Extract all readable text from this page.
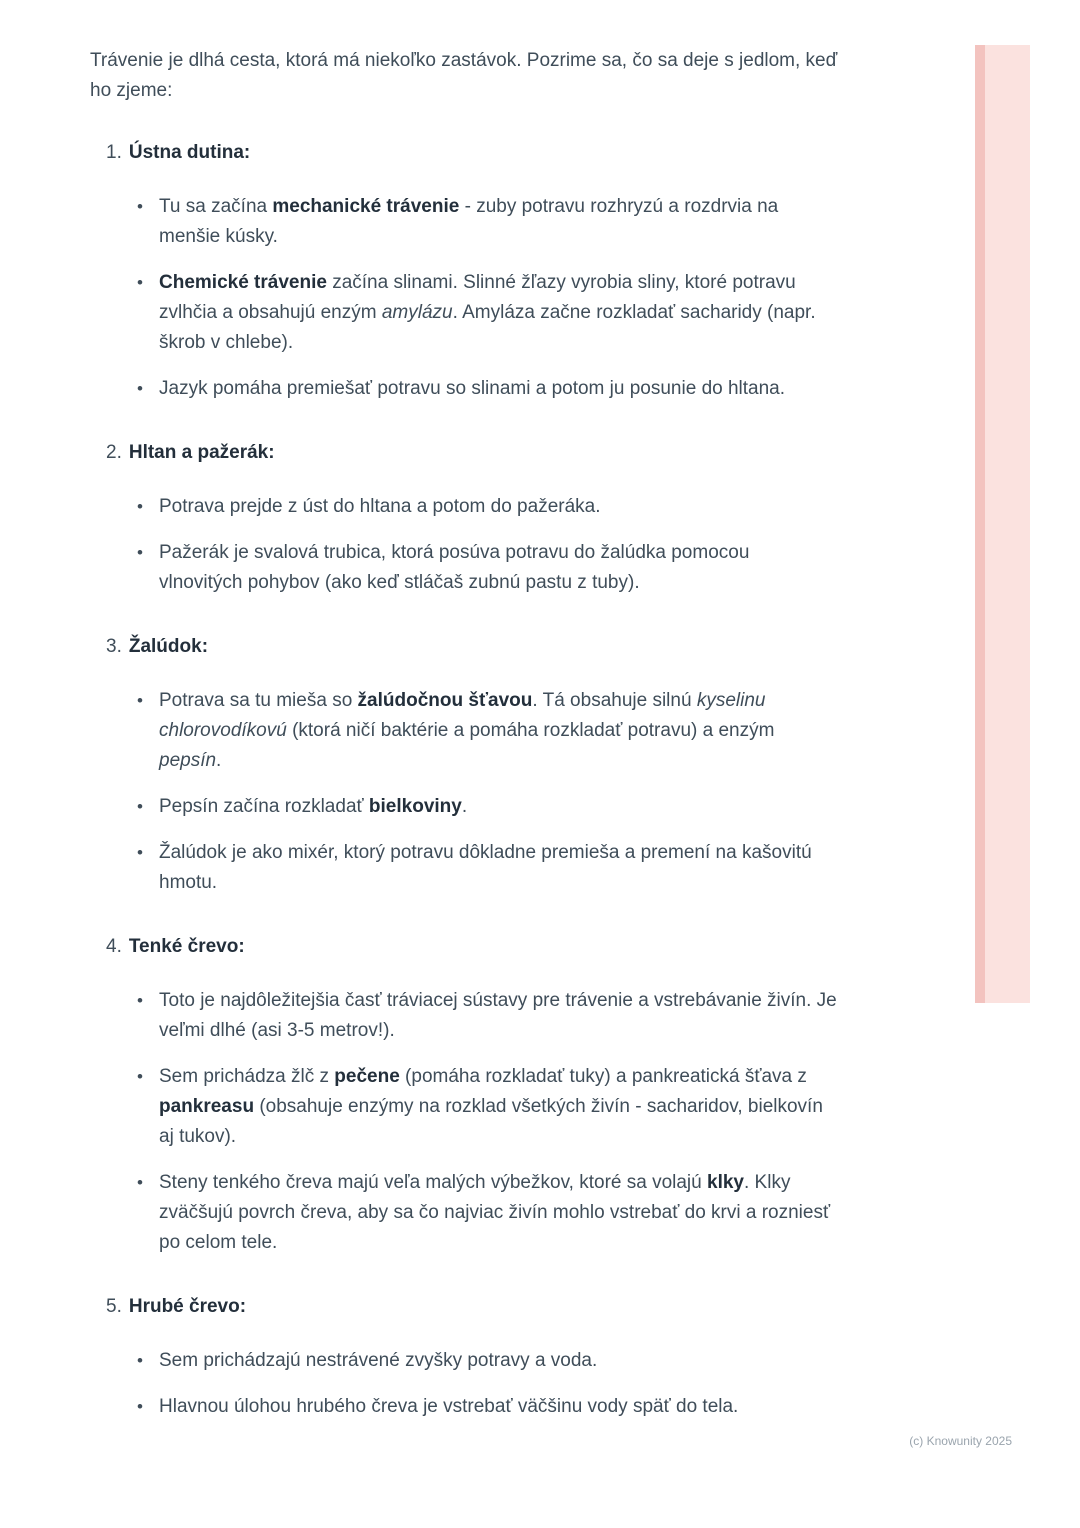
Trávenie je dlhá cesta, ktorá má niekoľko zastávok. Pozrime sa, čo sa deje s jedlom, keď ho zjeme:

1. Ústna dutina:
• Tu sa začína mechanické trávenie - zuby potravu rozhryzú a rozdrvia na menšie kúsky.
• Chemické trávenie začína slinami. Slinné žľazy vyrobia sliny, ktoré potravu zvlhčia a obsahujú enzým amylázu. Amyláza začne rozkladať sacharidy (napr. škrob v chlebe).
• Jazyk pomáha premiešať potravu so slinami a potom ju posunie do hltana.
2. Hltan a pažerák:
• Potrava prejde z úst do hltana a potom do pažeráka.
• Pažerák je svalová trubica, ktorá posúva potravu do žalúdka pomocou vlnovitých pohybov (ako keď stláčaš zubnú pastu z tuby).
3. Žalúdok:
• Potrava sa tu mieša so žalúdočnou šťavou. Tá obsahuje silnú kyselinu chlorovodíkovú (ktorá ničí baktérie a pomáha rozkladať potravu) a enzým pepsín.
• Pepsín začína rozkladať bielkoviny.
• Žalúdok je ako mixér, ktorý potravu dôkladne premieša a premení na kašovitú hmotu.
4. Tenké črevo:
• Toto je najdôležitejšia časť tráviacej sústavy pre trávenie a vstrebávanie živín. Je veľmi dlhé (asi 3-5 metrov!).
• Sem prichádza žlč z pečene (pomáha rozkladať tuky) a pankreatická šťava z pankreasu (obsahuje enzýmy na rozklad všetkých živín - sacharidov, bielkovín aj tukov).
• Steny tenkého čreva majú veľa malých výbežkov, ktoré sa volajú klky. Klky zväčšujú povrch čreva, aby sa čo najviac živín mohlo vstrebať do krvi a rozniesť po celom tele.
5. Hrubé črevo:
• Sem prichádzajú nestrávené zvyšky potravy a voda.
• Hlavnou úlohou hrubého čreva je vstrebať väčšinu vody späť do tela.
(c) Knowunity 2025
